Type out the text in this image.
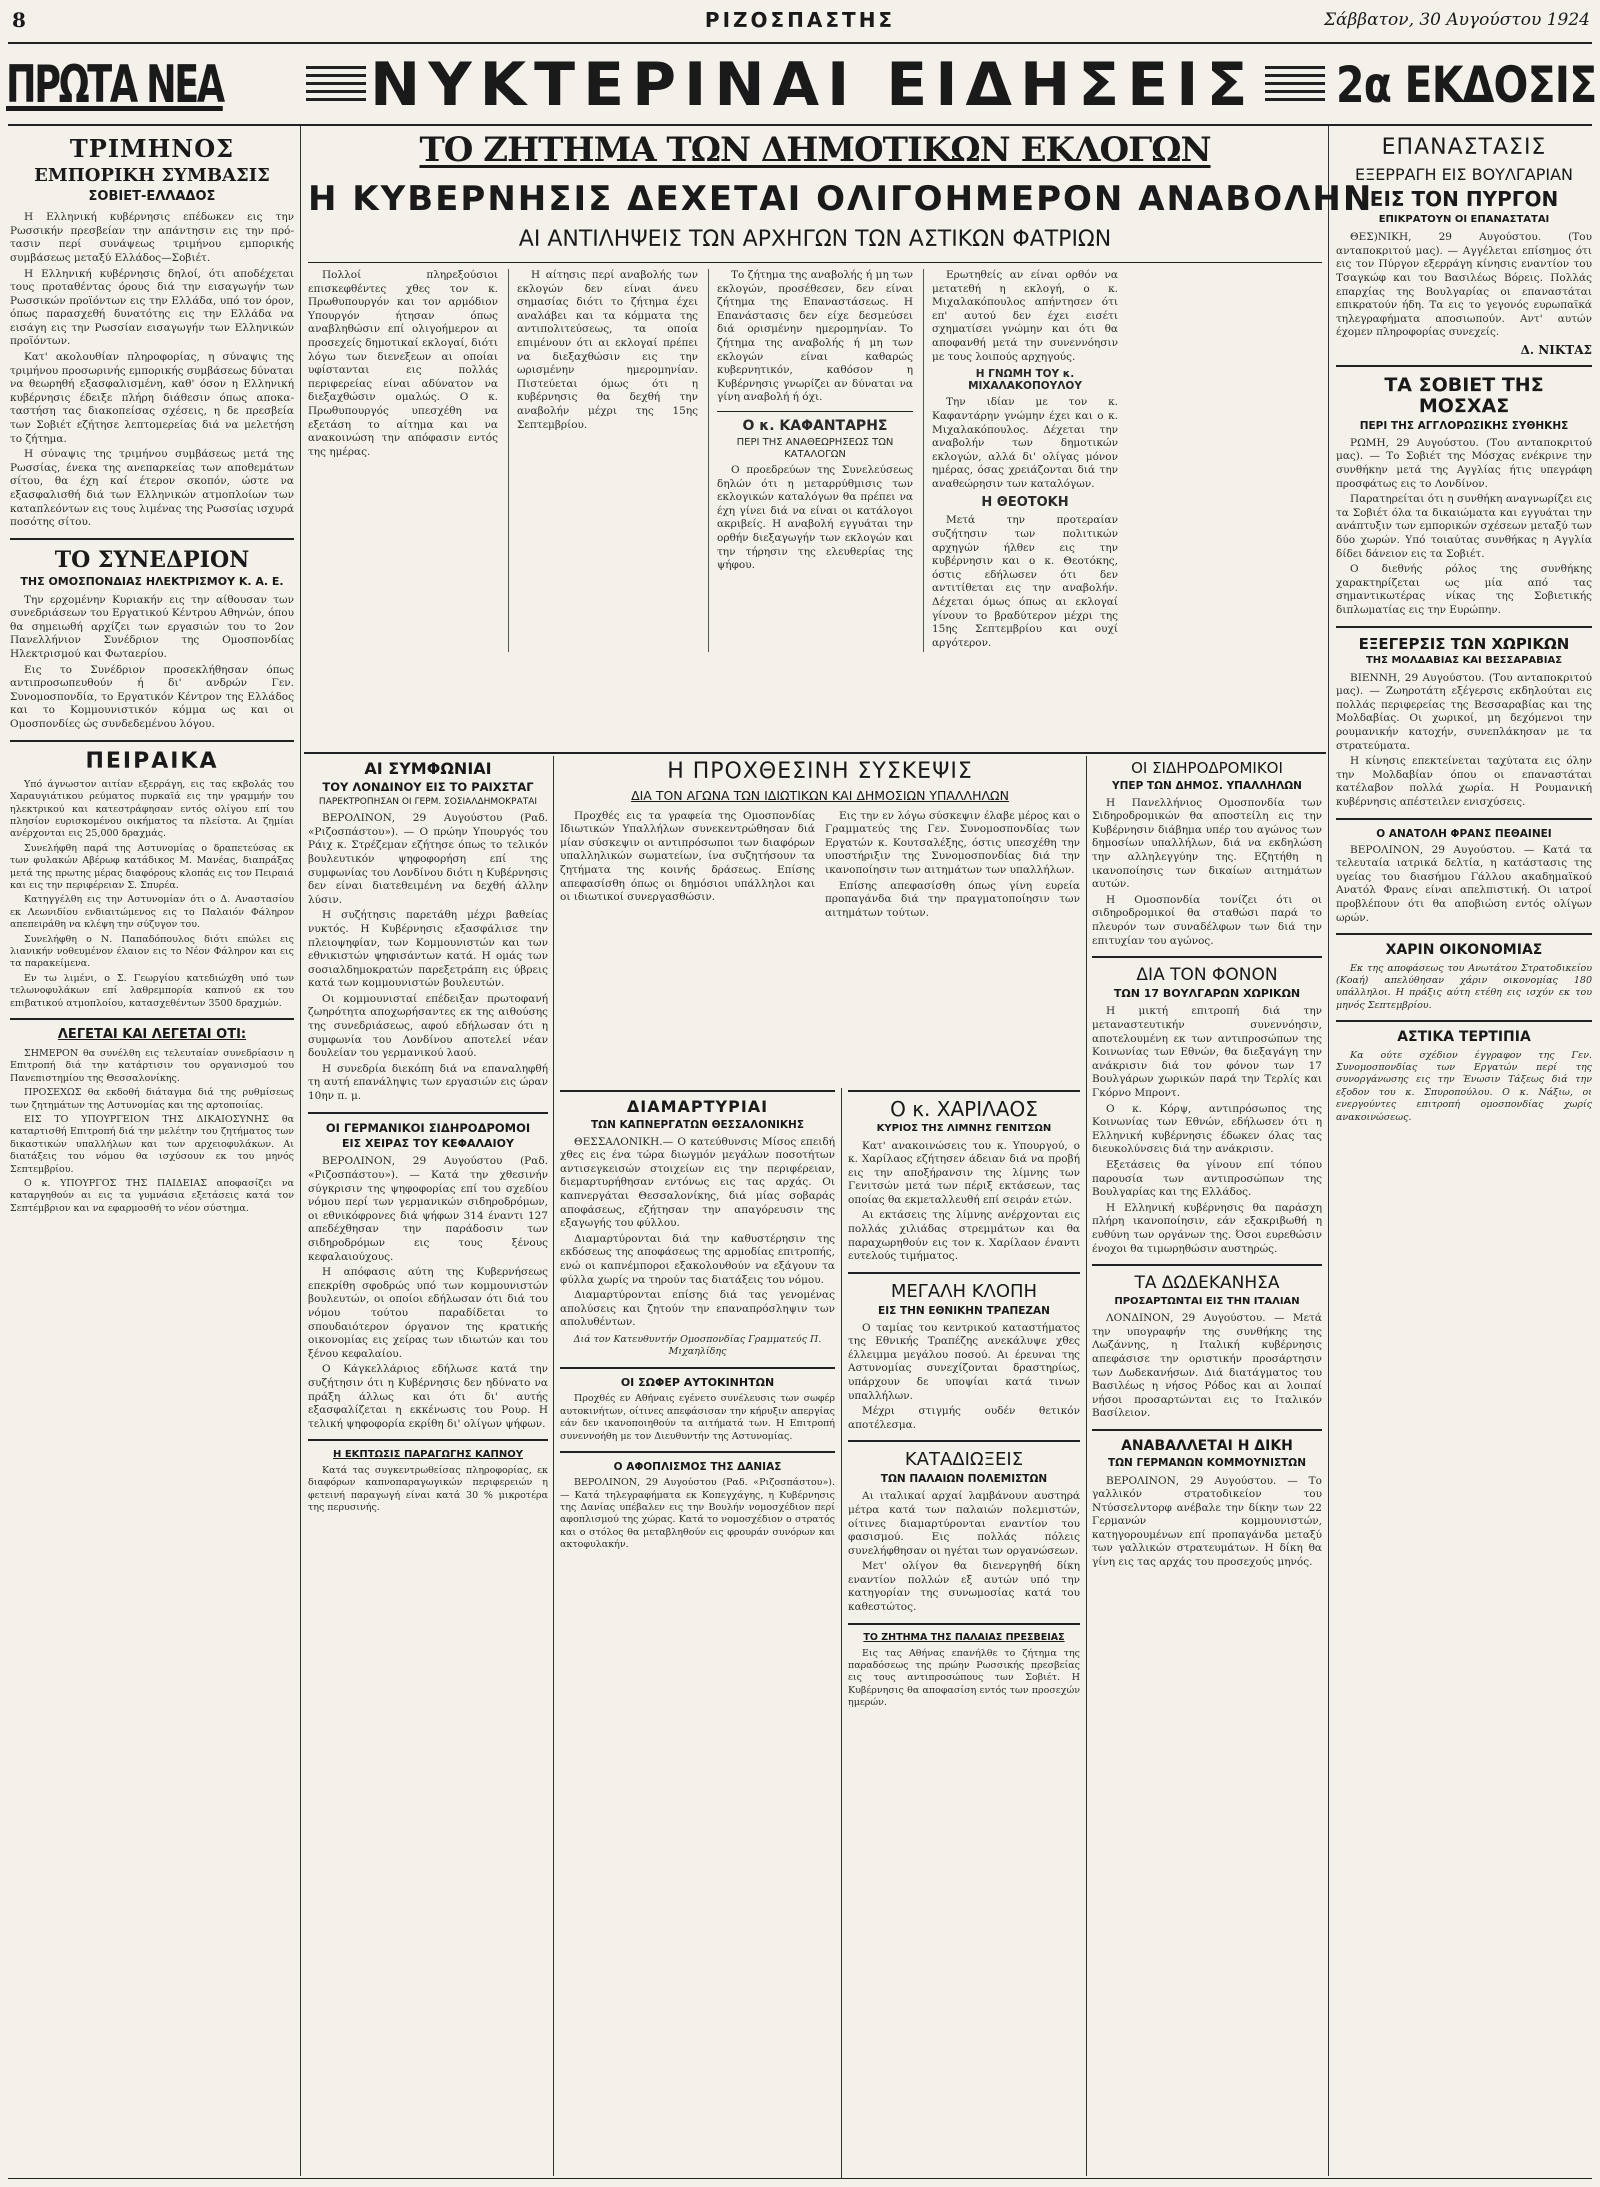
8	ΡΙΖΟΣΠΑΣΤΗΣ	Σάββατον, 30 Αυγούστου 1924
ΠΡΩΤΑ ΝΕΑ ΝΥΚΤΕΡΙΝΑΙ ΕΙΔΗΣΕΙΣ 2α ΕΚΔΟΣΙΣ
ΤΡΙΜΗΝΟΣ
ΕΜΠΟΡΙΚΗ ΣΥΜΒΑΣΙΣ
ΣΟΒΙΕΤ-ΕΛΛΑΔΟΣ

Η Ελληνική κυβέρνησις επέδωκεν εις την Ρωσσικήν πρεσβείαν την απάντησιν εις την πρότασιν περί συνάψεως τριμήνου εμπορικής συμβάσεως μεταξύ Ελλάδος—Σοβιέτ.

Η Ελληνική κυβέρνησις δηλοί, ότι αποδέχεται τους προταθέντας όρους διά την εισαγωγήν των Ρωσσικών προϊόντων εις την Ελλάδα, υπό τον όρον, όπως παρασχεθή δυνατότης εις την Ελλάδα να εισάγη εις την Ρωσσίαν εισαγωγήν των Ελληνικών προϊόντων.

Κατ' ακολουθίαν πληροφορίας, η σύναψις της τριμήνου προσωρινής εμπορικής συμβάσεως δύναται να θεωρηθή εξασφαλισμένη, καθ' όσον η Ελληνική κυβέρνησις έδειξε πλήρη διάθεσιν όπως αποκαταστήση τας διακοπείσας σχέσεις, η δε πρεσβεία των Σοβιέτ εζήτησε λεπτομερείας διά να μελετήση το ζήτημα.

Η σύναψις της τριμήνου συμβάσεως μετά της Ρωσσίας, ένεκα της ανεπαρκείας των αποθεμάτων σίτου, θα έχη καί έτερον σκοπόν, ώστε να εξασφαλισθή διά των Ελληνικών ατμοπλοίων των καταπλεόντων εις τους λιμένας της Ρωσσίας ισχυρά ποσότης σίτου.

ΤΟ ΣΥΝΕΔΡΙΟΝ
ΤΗΣ ΟΜΟΣΠΟΝΔΙΑΣ ΗΛΕΚΤΡΙΣΜΟΥ Κ. Α. Ε.

Την ερχομένην Κυριακήν εις την αίθουσαν των συνεδριάσεων του Εργατικού Κέντρου Αθηνών, όπου θα σημειωθή αρχίζει των εργασιών του το 2ον Πανελλήνιον Συνέδριον της Ομοσπονδίας Ηλεκτρισμού και Φωταερίου.

Εις το Συνέδριον προσεκλήθησαν όπως αντιπροσωπευθούν ή δι' ανδρών Γεν. Συνομοσπονδία, το Εργατικόν Κέντρον της Ελλάδος και το Κομμουνιστικόν κόμμα ως και οι Ομοσπονδίες ώς συνδεδεμένου λόγου.

ΠΕΙΡΑΙΚΑ

Υπό άγνωστον αιτίαν εξερράγη, εις τας εκβολάς του Χαραυγιάτικου ρεύματος πυρκαϊά εις την γραμμήν του ηλεκτρικού και κατεστράφησαν εντός ολίγου επί του πλησίον ευρισκομένου οικήματος τα πλείστα. Αι ζημίαι ανέρχονται εις 25,000 δραχμάς.

Συνελήφθη παρά της Αστυνομίας ο δραπετεύσας εκ των φυλακών Αβέρωφ κατάδικος Μ. Μανέας, διαπράξας μετά της πρωτης μέρας διαφόρους κλοπάς εις τον Πειραιά και εις την περιφέρειαν Σ. Σπυρέα.

Κατηγγέλθη εις την Αστυνομίαν ότι ο Δ. Αναστασίου εκ Λεωνιδίου ενδιαιτώμενος εις το Παλαιόν Φάληρον απεπειράθη να κλέψη την σύζυγον του.

Συνελήφθη ο Ν. Παπαδόπουλος διότι επώλει εις λιανικήν νοθευμένον έλαιον εις το Νέον Φάληρον και εις τα παρακείμενα.

Εν τω λιμένι, ο Σ. Γεωργίου κατεδιώχθη υπό των τελωνοφυλάκων επί λαθρεμπορία καπνού εκ του επιβατικού ατμοπλοίου, κατασχεθέντων 3500 δραχμών.

ΛΕΓΕΤΑΙ ΚΑΙ ΛΕΓΕΤΑΙ ΟΤΙ:

ΣΗΜΕΡΟΝ θα συνέλθη εις τελευταίαν συνεδρίασιν η Επιτροπή διά την κατάρτισιν του οργανισμού του Πανεπιστημίου της Θεσσαλονίκης.

ΠΡΟΣΕΧΩΣ θα εκδοθή διάταγμα διά της ρυθμίσεως των ζητημάτων της Αστυνομίας και της αρτοποιίας.

ΕΙΣ ΤΟ ΥΠΟΥΡΓΕΙΟΝ ΤΗΣ ΔΙΚΑΙΟΣΥΝΗΣ θα καταρτισθή Επιτροπή διά την μελέτην του ζητήματος των δικαστικών υπαλλήλων και των αρχειοφυλάκων. Αι διατάξεις του νόμου θα ισχύσουν εκ του μηνός Σεπτεμβρίου.

Ο κ. ΥΠΟΥΡΓΟΣ ΤΗΣ ΠΑΙΔΕΙΑΣ αποφασίζει να καταργηθούν αι εις τα γυμνάσια εξετάσεις κατά τον Σεπτέμβριον και να εφαρμοσθή το νέον σύστημα.

ΤΟ ΖΗΤΗΜΑ ΤΩΝ ΔΗΜΟΤΙΚΩΝ ΕΚΛΟΓΩΝ
Η ΚΥΒΕΡΝΗΣΙΣ ΔΕΧΕΤΑΙ ΟΛΙΓΟΗΜΕΡΟΝ ΑΝΑΒΟΛΗΝ
ΑΙ ΑΝΤΙΛΗΨΕΙΣ ΤΩΝ ΑΡΧΗΓΩΝ ΤΩΝ ΑΣΤΙΚΩΝ ΦΑΤΡΙΩΝ

Πολλοί πληρεξούσιοι επισκεφθέντες χθες τον κ. Πρωθυπουργόν και τον αρμόδιον Υπουργόν ήτησαν όπως αναβληθώσιν επί ολιγοήμερον αι προσεχείς δημοτικαί εκλογαί, διότι λόγω των διενεξεων αι οποίαι υφίστανται εις πολλάς περιφερείας είναι αδύνατον να διεξαχθώσιν ομαλώς. Ο κ. Πρωθυπουργός υπεσχέθη να εξετάση το αίτημα και να ανακοινώση την απόφασιν εντός της ημέρας.

Η αίτησις περί αναβολής των εκλογών δεν είναι άνευ σημασίας διότι το ζήτημα έχει αναλάβει και τα κόμματα της αντιπολιτεύσεως, τα οποία επιμένουν ότι αι εκλογαί πρέπει να διεξαχθώσιν εις την ωρισμένην ημερομηνίαν. Πιστεύεται όμως ότι η κυβέρνησις θα δεχθή την αναβολήν μέχρι της 15ης Σεπτεμβρίου.

Το ζήτημα της αναβολής ή μη των εκλογών, προσέθεσεν, δεν είναι ζήτημα της Επαναστάσεως. Η Επανάστασις δεν είχε δεσμεύσει διά ορισμένην ημερομηνίαν. Το ζήτημα της αναβολής ή μη των εκλογών είναι καθαρώς κυβερνητικόν, καθόσον η Κυβέρνησις γνωρίζει αν δύναται να γίνη αναβολή ή όχι.

Ο κ. ΚΑΦΑΝΤΑΡΗΣ
ΠΕΡΙ ΤΗΣ ΑΝΑΘΕΩΡΗΣΕΩΣ ΤΩΝ ΚΑΤΑΛΟΓΩΝ

Ο προεδρεύων της Συνελεύσεως δηλών ότι η μεταρρύθμισις των εκλογικών καταλόγων θα πρέπει να έχη γίνει διά να είναι οι κατάλογοι ακριβείς. Η αναβολή εγγυάται την ορθήν διεξαγωγήν των εκλογών και την τήρησιν της ελευθερίας της ψήφου.

Ερωτηθείς αν είναι ορθόν να μετατεθή η εκλογή, ο κ. Μιχαλακόπουλος απήντησεν ότι επ' αυτού δεν έχει εισέτι σχηματίσει γνώμην και ότι θα αποφανθή μετά την συνεννόησιν με τους λοιπούς αρχηγούς.

Η ΓΝΩΜΗ ΤΟΥ κ. ΜΙΧΑΛΑΚΟΠΟΥΛΟΥ

Την ιδίαν με τον κ. Καφαντάρην γνώμην έχει και ο κ. Μιχαλακόπουλος. Δέχεται την αναβολήν των δημοτικών εκλογών, αλλά δι' ολίγας μόνον ημέρας, όσας χρειάζονται διά την αναθεώρησιν των καταλόγων.

Η ΘΕΟΤΟΚΗ

Μετά την προτεραίαν συζήτησιν των πολιτικών αρχηγών ήλθεν εις την κυβέρνησιν και ο κ. Θεοτόκης, όστις εδήλωσεν ότι δεν αντιτίθεται εις την αναβολήν. Δέχεται όμως όπως αι εκλογαί γίνουν το βραδύτερον μέχρι της 15ης Σεπτεμβρίου και ουχί αργότερον.

ΑΙ ΣΥΜΦΩΝΙΑΙ
ΤΟΥ ΛΟΝΔΙΝΟΥ ΕΙΣ ΤΟ ΡΑΙΧΣΤΑΓ
ΠΑΡΕΚΤΡΟΠΗΣΑΝ ΟΙ ΓΕΡΜ. ΣΟΣΙΑΛΔΗΜΟΚΡΑΤΑΙ

ΒΕΡΟΛΙΝΟΝ, 29 Αυγούστου (Ραδ. «Ριζοσπάστου»). — Ο πρώην Υπουργός του Ράιχ κ. Στρέζεμαν εζήτησε όπως το τελικόν βουλευτικόν ψηφοφορήση επί της συμφωνίας του Λονδίνου διότι η Κυβέρνησις δεν είναι διατεθειμένη να δεχθή άλλην λύσιν.

Η συζήτησις παρετάθη μέχρι βαθείας νυκτός. Η Κυβέρνησις εξασφάλισε την πλειοψηφίαν, των Κομμουνιστών και των εθνικιστών ψηφισάντων κατά. Η ομάς των σοσιαλδημοκρατών παρεξετράπη εις ύβρεις κατά των κομμουνιστών βουλευτών.

Οι κομμουνισταί επέδειξαν πρωτοφανή ζωηρότητα αποχωρήσαντες εκ της αιθούσης της συνεδριάσεως, αφού εδήλωσαν ότι η συμφωνία του Λονδίνου αποτελεί νέαν δουλείαν του γερμανικού λαού.

Η συνεδρία διεκόπη διά να επαναληφθή τη αυτή επανάληψις των εργασιών εις ώραν 10ην π. μ.

ΟΙ ΓΕΡΜΑΝΙΚΟΙ ΣΙΔΗΡΟΔΡΟΜΟΙ
ΕΙΣ ΧΕΙΡΑΣ ΤΟΥ ΚΕΦΑΛΑΙΟΥ

ΒΕΡΟΛΙΝΟΝ, 29 Αυγούστου (Ραδ. «Ριζοσπάστου»). — Κατά την χθεσινήν σύγκρισιν της ψηφοφορίας επί του σχεδίου νόμου περί των γερμανικών σιδηροδρόμων, οι εθνικόφρονες διά ψήφων 314 έναντι 127 απεδέχθησαν την παράδοσιν των σιδηροδρόμων εις τους ξένους κεφαλαιούχους.

Η απόφασις αύτη της Κυβερνήσεως επεκρίθη σφοδρώς υπό των κομμουνιστών βουλευτών, οι οποίοι εδήλωσαν ότι διά του νόμου τούτου παραδίδεται το σπουδαιότερον όργανον της κρατικής οικονομίας εις χείρας των ιδιωτών και του ξένου κεφαλαίου.

Ο Κάγκελλάριος εδήλωσε κατά την συζήτησιν ότι η Κυβέρνησις δεν ηδύνατο να πράξη άλλως και ότι δι' αυτής εξασφαλίζεται η εκκένωσις του Ρουρ. Η τελική ψηφοφορία εκρίθη δι' ολίγων ψήφων.

Η ΕΚΠΤΩΣΙΣ ΠΑΡΑΓΩΓΗΣ ΚΑΠΝΟΥ

Κατά τας συγκεντρωθείσας πληροφορίας, εκ διαφόρων καπνοπαραγωγικών περιφερειών η φετεινή παραγωγή είναι κατά 30 % μικροτέρα της περυσινής.

Η ΠΡΟΧΘΕΣΙΝΗ ΣΥΣΚΕΨΙΣ
ΔΙΑ ΤΟΝ ΑΓΩΝΑ ΤΩΝ ΙΔΙΩΤΙΚΩΝ ΚΑΙ ΔΗΜΟΣΙΩΝ ΥΠΑΛΛΗΛΩΝ

Προχθές εις τα γραφεία της Ομοσπονδίας Ιδιωτικών Υπαλλήλων συνεκεντρώθησαν διά μίαν σύσκεψιν οι αντιπρόσωποι των διαφόρων υπαλληλικών σωματείων, ίνα συζητήσουν τα ζητήματα της κοινής δράσεως. Επίσης απεφασίσθη όπως οι δημόσιοι υπάλληλοι και οι ιδιωτικοί συνεργασθώσιν.

Εις την εν λόγω σύσκεψιν έλαβε μέρος και ο Γραμματεύς της Γεν. Συνομοσπονδίας των Εργατών κ. Κουτσαλέξης, όστις υπεσχέθη την υποστήριξιν της Συνομοσπονδίας διά την ικανοποίησιν των αιτημάτων των υπαλλήλων.

Επίσης απεφασίσθη όπως γίνη ευρεία προπαγάνδα διά την πραγματοποίησιν των αιτημάτων τούτων.

ΔΙΑΜΑΡΤΥΡΙΑΙ
ΤΩΝ ΚΑΠΝΕΡΓΑΤΩΝ ΘΕΣΣΑΛΟΝΙΚΗΣ

ΘΕΣΣΑΛΟΝΙΚΗ.— Ο κατεύθυνσις Μίσος επειδή χθες εις ένα τώρα διωγμόν μεγάλων ποσοτήτων αντισεγκεισών στοιχείων εις την περιφέρειαν, διεμαρτυρήθησαν εντόνως εις τας αρχάς. Οι καπνεργάται Θεσσαλονίκης, διά μίας σοβαράς αποφάσεως, εζήτησαν την απαγόρευσιν της εξαγωγής του φύλλου.

Διαμαρτύρονται διά την καθυστέρησιν της εκδόσεως της αποφάσεως της αρμοδίας επιτροπής, ενώ οι καπνέμποροι εξακολουθούν να εξάγουν τα φύλλα χωρίς να τηρούν τας διατάξεις του νόμου.

Διαμαρτύρονται επίσης διά τας γενομένας απολύσεις και ζητούν την επαναπρόσληψιν των απολυθέντων.

Διά τον Κατευθυντήν Ομοσπονδίας Γραμματεύς Π. Μιχαηλίδης
ΟΙ ΣΩΦΕΡ ΑΥΤΟΚΙΝΗΤΩΝ

Προχθές εν Αθήναις εγένετο συνέλευσις των σωφέρ αυτοκινήτων, οίτινες απεφάσισαν την κήρυξιν απεργίας εάν δεν ικανοποιηθούν τα αιτήματά των. Η Επιτροπή συνεννοήθη με τον Διευθυντήν της Αστυνομίας.

Ο ΑΦΟΠΛΙΣΜΟΣ ΤΗΣ ΔΑΝΙΑΣ

ΒΕΡΟΛΙΝΟΝ, 29 Αυγούστου (Ραδ. «Ριζοσπάστου»). — Κατά τηλεγραφήματα εκ Κοπεγχάγης, η Κυβέρνησις της Δανίας υπέβαλεν εις την Βουλήν νομοσχέδιον περί αφοπλισμού της χώρας. Κατά το νομοσχέδιον ο στρατός και ο στόλος θα μεταβληθούν εις φρουράν συνόρων και ακτοφυλακήν.

Ο κ. ΧΑΡΙΛΑΟΣ
ΚΥΡΙΟΣ ΤΗΣ ΛΙΜΝΗΣ ΓΕΝΙΤΣΩΝ

Κατ' ανακοινώσεις του κ. Υπουργού, ο κ. Χαρίλαος εζήτησεν άδειαν διά να προβή εις την αποξήρανσιν της λίμνης των Γενιτσών μετά των πέριξ εκτάσεων, τας οποίας θα εκμεταλλευθή επί σειράν ετών.

Αι εκτάσεις της λίμνης ανέρχονται εις πολλάς χιλιάδας στρεμμάτων και θα παραχωρηθούν εις τον κ. Χαρίλαον έναντι ευτελούς τιμήματος.

ΜΕΓΑΛΗ ΚΛΟΠΗ
ΕΙΣ ΤΗΝ ΕΘΝΙΚΗΝ ΤΡΑΠΕΖΑΝ

Ο ταμίας του κεντρικού καταστήματος της Εθνικής Τραπέζης ανεκάλυψε χθες έλλειμμα μεγάλου ποσού. Αι έρευναι της Αστυνομίας συνεχίζονται δραστηρίως, υπάρχουν δε υποψίαι κατά τινων υπαλλήλων.

Μέχρι στιγμής ουδέν θετικόν αποτέλεσμα.

ΚΑΤΑΔΙΩΞΕΙΣ
ΤΩΝ ΠΑΛΑΙΩΝ ΠΟΛΕΜΙΣΤΩΝ

Αι ιταλικαί αρχαί λαμβάνουν αυστηρά μέτρα κατά των παλαιών πολεμιστών, οίτινες διαμαρτύρονται εναντίον του φασισμού. Εις πολλάς πόλεις συνελήφθησαν οι ηγέται των οργανώσεων.

Μετ' ολίγον θα διενεργηθή δίκη εναντίον πολλών εξ αυτών υπό την κατηγορίαν της συνωμοσίας κατά του καθεστώτος.

ΤΟ ΖΗΤΗΜΑ ΤΗΣ ΠΑΛΑΙΑΣ ΠΡΕΣΒΕΙΑΣ

Εις τας Αθήνας επανήλθε το ζήτημα της παραδόσεως της πρώην Ρωσσικής πρεσβείας εις τους αντιπροσώπους των Σοβιέτ. Η Κυβέρνησις θα αποφασίση εντός των προσεχών ημερών.

ΟΙ ΣΙΔΗΡΟΔΡΟΜΙΚΟΙ
ΥΠΕΡ ΤΩΝ ΔΗΜΟΣ. ΥΠΑΛΛΗΛΩΝ

Η Πανελλήνιος Ομοσπονδία των Σιδηροδρομικών θα αποστείλη εις την Κυβέρνησιν διάβημα υπέρ του αγώνος των δημοσίων υπαλλήλων, διά να εκδηλώση την αλληλεγγύην της. Εζητήθη η ικανοποίησις των δικαίων αιτημάτων αυτών.

Η Ομοσπονδία τονίζει ότι οι σιδηροδρομικοί θα σταθώσι παρά το πλευρόν των συναδέλφων των διά την επιτυχίαν του αγώνος.

ΔΙΑ ΤΟΝ ΦΟΝΟΝ
ΤΩΝ 17 ΒΟΥΛΓΑΡΩΝ ΧΩΡΙΚΩΝ

Η μικτή επιτροπή διά την μεταναστευτικήν συνεννόησιν, αποτελουμένη εκ των αντιπροσώπων της Κοινωνίας των Εθνών, θα διεξαγάγη την ανάκρισιν διά τον φόνον των 17 Βουλγάρων χωρικών παρά την Τερλίς και Γκόρνο Μπροντ.

Ο κ. Κόρψ, αντιπρόσωπος της Κοινωνίας των Εθνών, εδήλωσεν ότι η Ελληνική κυβέρνησις έδωκεν όλας τας διευκολύνσεις διά την ανάκρισιν.

Εξετάσεις θα γίνουν επί τόπου παρουσία των αντιπροσώπων της Βουλγαρίας και της Ελλάδος.

Η Ελληνική κυβέρνησις θα παράσχη πλήρη ικανοποίησιν, εάν εξακριβωθή η ευθύνη των οργάνων της. Όσοι ευρεθώσιν ένοχοι θα τιμωρηθώσιν αυστηρώς.

ΤΑ ΔΩΔΕΚΑΝΗΣΑ
ΠΡΟΣΑΡΤΩΝΤΑΙ ΕΙΣ ΤΗΝ ΙΤΑΛΙΑΝ

ΛΟΝΔΙΝΟΝ, 29 Αυγούστου. — Μετά την υπογραφήν της συνθήκης της Λωζάννης, η Ιταλική κυβέρνησις απεφάσισε την οριστικήν προσάρτησιν των Δωδεκανήσων. Διά διατάγματος του Βασιλέως η νήσος Ρόδος και αι λοιπαί νήσοι προσαρτώνται εις το Ιταλικόν Βασίλειον.

ΑΝΑΒΑΛΛΕΤΑΙ Η ΔΙΚΗ
ΤΩΝ ΓΕΡΜΑΝΩΝ ΚΟΜΜΟΥΝΙΣΤΩΝ

ΒΕΡΟΛΙΝΟΝ, 29 Αυγούστου. — Το γαλλικόν στρατοδικείον του Ντύσσελντορφ ανέβαλε την δίκην των 22 Γερμανών κομμουνιστών, κατηγορουμένων επί προπαγάνδα μεταξύ των γαλλικών στρατευμάτων. Η δίκη θα γίνη εις τας αρχάς του προσεχούς μηνός.

ΕΠΑΝΑΣΤΑΣΙΣ
ΕΞΕΡΡΑΓΗ ΕΙΣ ΒΟΥΛΓΑΡΙΑΝ
ΕΙΣ ΤΟΝ ΠΥΡΓΟΝ
ΕΠΙΚΡΑΤΟΥΝ ΟΙ ΕΠΑΝΑΣΤΑΤΑΙ

ΘΕΣ)ΝΙΚΗ, 29 Αυγούστου. (Του ανταποκριτού μας). — Αγγέλεται επίσημος ότι εις τον Πύργον εξερράγη κίνησις εναντίον του Τσαγκώφ και του Βασιλέως Βόρεις. Πολλάς επαρχίας της Βουλγαρίας οι επαναστάται επικρατούν ήδη. Τα εις το γεγονός ευρωπαϊκά τηλεγραφήματα αποσιωπούν. Αντ' αυτών έχομεν πληροφορίας συνεχείς.

Δ. ΝΙΚΤΑΣ
ΤΑ ΣΟΒΙΕΤ ΤΗΣ ΜΟΣΧΑΣ
ΠΕΡΙ ΤΗΣ ΑΓΓΛΟΡΩΣΙΚΗΣ ΣΥΘΗΚΗΣ

ΡΩΜΗ, 29 Αυγούστου. (Του ανταποκριτού μας). — Το Σοβιέτ της Μόσχας ενέκρινε την συνθήκην μετά της Αγγλίας ήτις υπεγράφη προσφάτως εις το Λονδίνον.

Παρατηρείται ότι η συνθήκη αναγνωρίζει εις τα Σοβιέτ όλα τα δικαιώματα και εγγυάται την ανάπτυξιν των εμπορικών σχέσεων μεταξύ των δύο χωρών. Υπό τοιαύτας συνθήκας η Αγγλία δίδει δάνειον εις τα Σοβιέτ.

Ο διεθνής ρόλος της συνθήκης χαρακτηρίζεται ως μία από τας σημαντικωτέρας νίκας της Σοβιετικής διπλωματίας εις την Ευρώπην.

ΕΞΕΓΕΡΣΙΣ ΤΩΝ ΧΩΡΙΚΩΝ
ΤΗΣ ΜΟΛΔΑΒΙΑΣ ΚΑΙ ΒΕΣΣΑΡΑΒΙΑΣ

ΒΙΕΝΝΗ, 29 Αυγούστου. (Του ανταποκριτού μας). — Ζωηροτάτη εξέγερσις εκδηλούται εις πολλάς περιφερείας της Βεσσαραβίας και της Μολδαβίας. Οι χωρικοί, μη δεχόμενοι την ρουμανικήν κατοχήν, συνεπλάκησαν με τα στρατεύματα.

Η κίνησις επεκτείνεται ταχύτατα εις όλην την Μολδαβίαν όπου οι επαναστάται κατέλαβον πολλά χωρία. Η Ρουμανική κυβέρνησις απέστειλεν ενισχύσεις.

Ο ΑΝΑΤΟΛΗ ΦΡΑΝΣ ΠΕΘΑΙΝΕΙ

ΒΕΡΟΛΙΝΟΝ, 29 Αυγούστου. — Κατά τα τελευταία ιατρικά δελτία, η κατάστασις της υγείας του διασήμου Γάλλου ακαδημαϊκού Ανατόλ Φρανς είναι απελπιστική. Οι ιατροί προβλέπουν ότι θα αποβιώση εντός ολίγων ωρών.

ΧΑΡΙΝ ΟΙΚΟΝΟΜΙΑΣ

Εκ της αποφάσεως του Ανωτάτου Στρατοδικείου (Κοαή) απελύθησαν χάριν οικονομίας 180 υπάλληλοι. Η πράξις αύτη ετέθη εις ισχύν εκ του μηνός Σεπτεμβρίου.

ΑΣΤΙΚΑ ΤΕΡΤΙΠΙΑ

Κα ούτε σχέδιον έγγραφον της Γεν. Συνομοσπονδίας των Εργατών περί της συνοργάνωσης εις την Ένωσιν Τάξεως διά την εξοδον του κ. Σπυροπούλου. Ο κ. Νάξιω, οι ενεργούντες επιτροπή ομοσπονδίας χωρίς ανακοινώσεως.
